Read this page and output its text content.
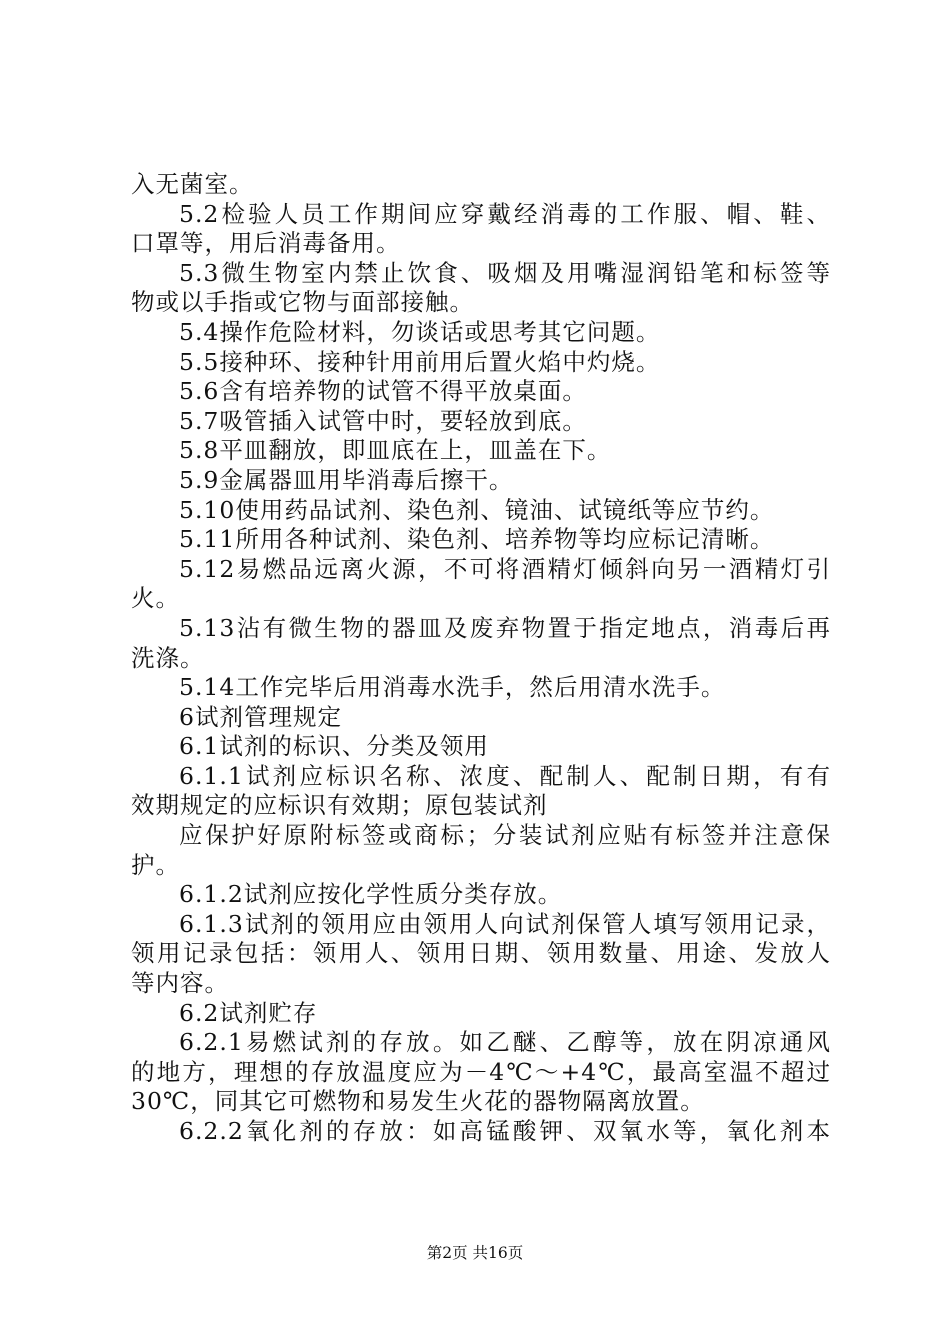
入无菌室。
5.2检验人员工作期间应穿戴经消毒的工作服、帽、鞋、
口罩等，用后消毒备用。
5.3微生物室内禁止饮食、吸烟及用嘴湿润铅笔和标签等
物或以手指或它物与面部接触。
5.4操作危险材料，勿谈话或思考其它问题。
5.5接种环、接种针用前用后置火焰中灼烧。
5.6含有培养物的试管不得平放桌面。
5.7吸管插入试管中时，要轻放到底。
5.8平皿翻放，即皿底在上，皿盖在下。
5.9金属器皿用毕消毒后擦干。
5.10使用药品试剂、染色剂、镜油、试镜纸等应节约。
5.11所用各种试剂、染色剂、培养物等均应标记清晰。
5.12易燃品远离火源，不可将酒精灯倾斜向另一酒精灯引
火。
5.13沾有微生物的器皿及废弃物置于指定地点，消毒后再
洗涤。
5.14工作完毕后用消毒水洗手，然后用清水洗手。
6试剂管理规定
6.1试剂的标识、分类及领用
6.1.1试剂应标识名称、浓度、配制人、配制日期，有有
效期规定的应标识有效期；原包装试剂
应保护好原附标签或商标；分装试剂应贴有标签并注意保
护。
6.1.2试剂应按化学性质分类存放。
6.1.3试剂的领用应由领用人向试剂保管人填写领用记录，
领用记录包括：领用人、领用日期、领用数量、用途、发放人
等内容。
6.2试剂贮存
6.2.1易燃试剂的存放。如乙醚、乙醇等，放在阴凉通风
的地方，理想的存放温度应为－4℃～+4℃，最高室温不超过
30℃，同其它可燃物和易发生火花的器物隔离放置。
6.2.2氧化剂的存放：如高锰酸钾、双氧水等，氧化剂本
第2页 共16页
